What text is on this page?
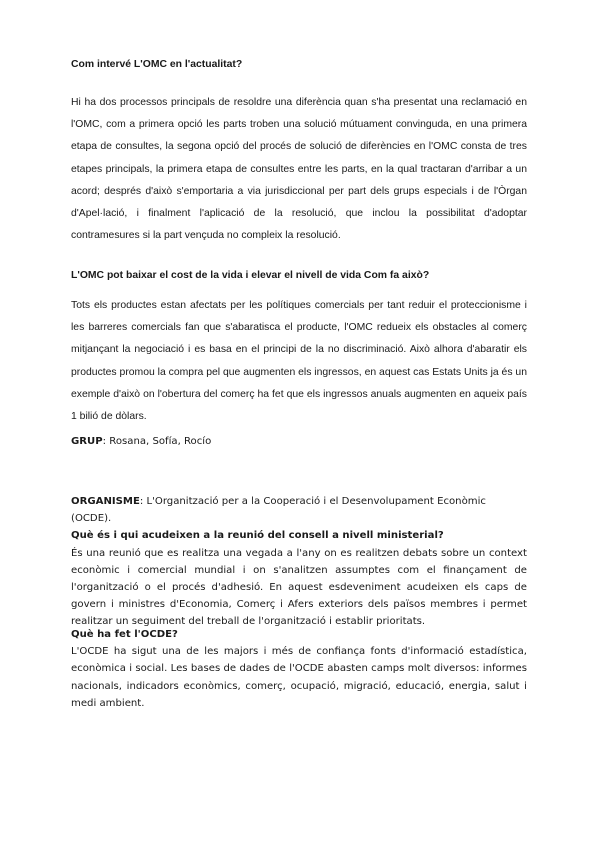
Com intervé L'OMC en l'actualitat?

Hi ha dos processos principals de resoldre una diferència quan s'ha presentat una reclamació en l'OMC, com a primera opció les parts troben una solució mútuament convinguda, en una primera etapa de consultes, la segona opció del procés de solució de diferències en l'OMC consta de tres etapes principals, la primera etapa de consultes entre les parts, en la qual tractaran d'arribar a un acord; després d'això s'emportaria a via jurisdiccional per part dels grups especials i de l'Òrgan d'Apel·lació, i finalment l'aplicació de la resolució, que inclou la possibilitat d'adoptar contramesures si la part vençuda no compleix la resolució.

L'OMC pot baixar el cost de la vida i elevar el nivell de vida Com fa això?

Tots els productes estan afectats per les polítiques comercials per tant reduir el proteccionisme i les barreres comercials fan que s'abaratisca el producte, l'OMC redueix els obstacles al comerç mitjançant la negociació i es basa en el principi de la no discriminació. Això alhora d'abaratir els productes promou la compra pel que augmenten els ingressos, en aquest cas Estats Units ja és un exemple d'això on l'obertura del comerç ha fet que els ingressos anuals augmenten en aqueix país 1 bilió de dòlars.

GRUP: Rosana, Sofía, Rocío

ORGANISME: L'Organització per a la Cooperació i el Desenvolupament Econòmic (OCDE).

Què és i qui acudeixen a la reunió del consell a nivell ministerial?

És una reunió que es realitza una vegada a l'any on es realitzen debats sobre un context econòmic i comercial mundial i on s'analitzen assumptes com el finançament de l'organització o el procés d'adhesió. En aquest esdeveniment acudeixen els caps de govern i ministres d'Economia, Comerç i Afers exteriors dels països membres i permet realitzar un seguiment del treball de l'organització i establir prioritats.

Què ha fet l'OCDE?

L'OCDE ha sigut una de les majors i més de confiança fonts d'informació estadística, econòmica i social. Les bases de dades de l'OCDE abasten camps molt diversos: informes nacionals, indicadors econòmics, comerç, ocupació, migració, educació, energia, salut i medi ambient.
